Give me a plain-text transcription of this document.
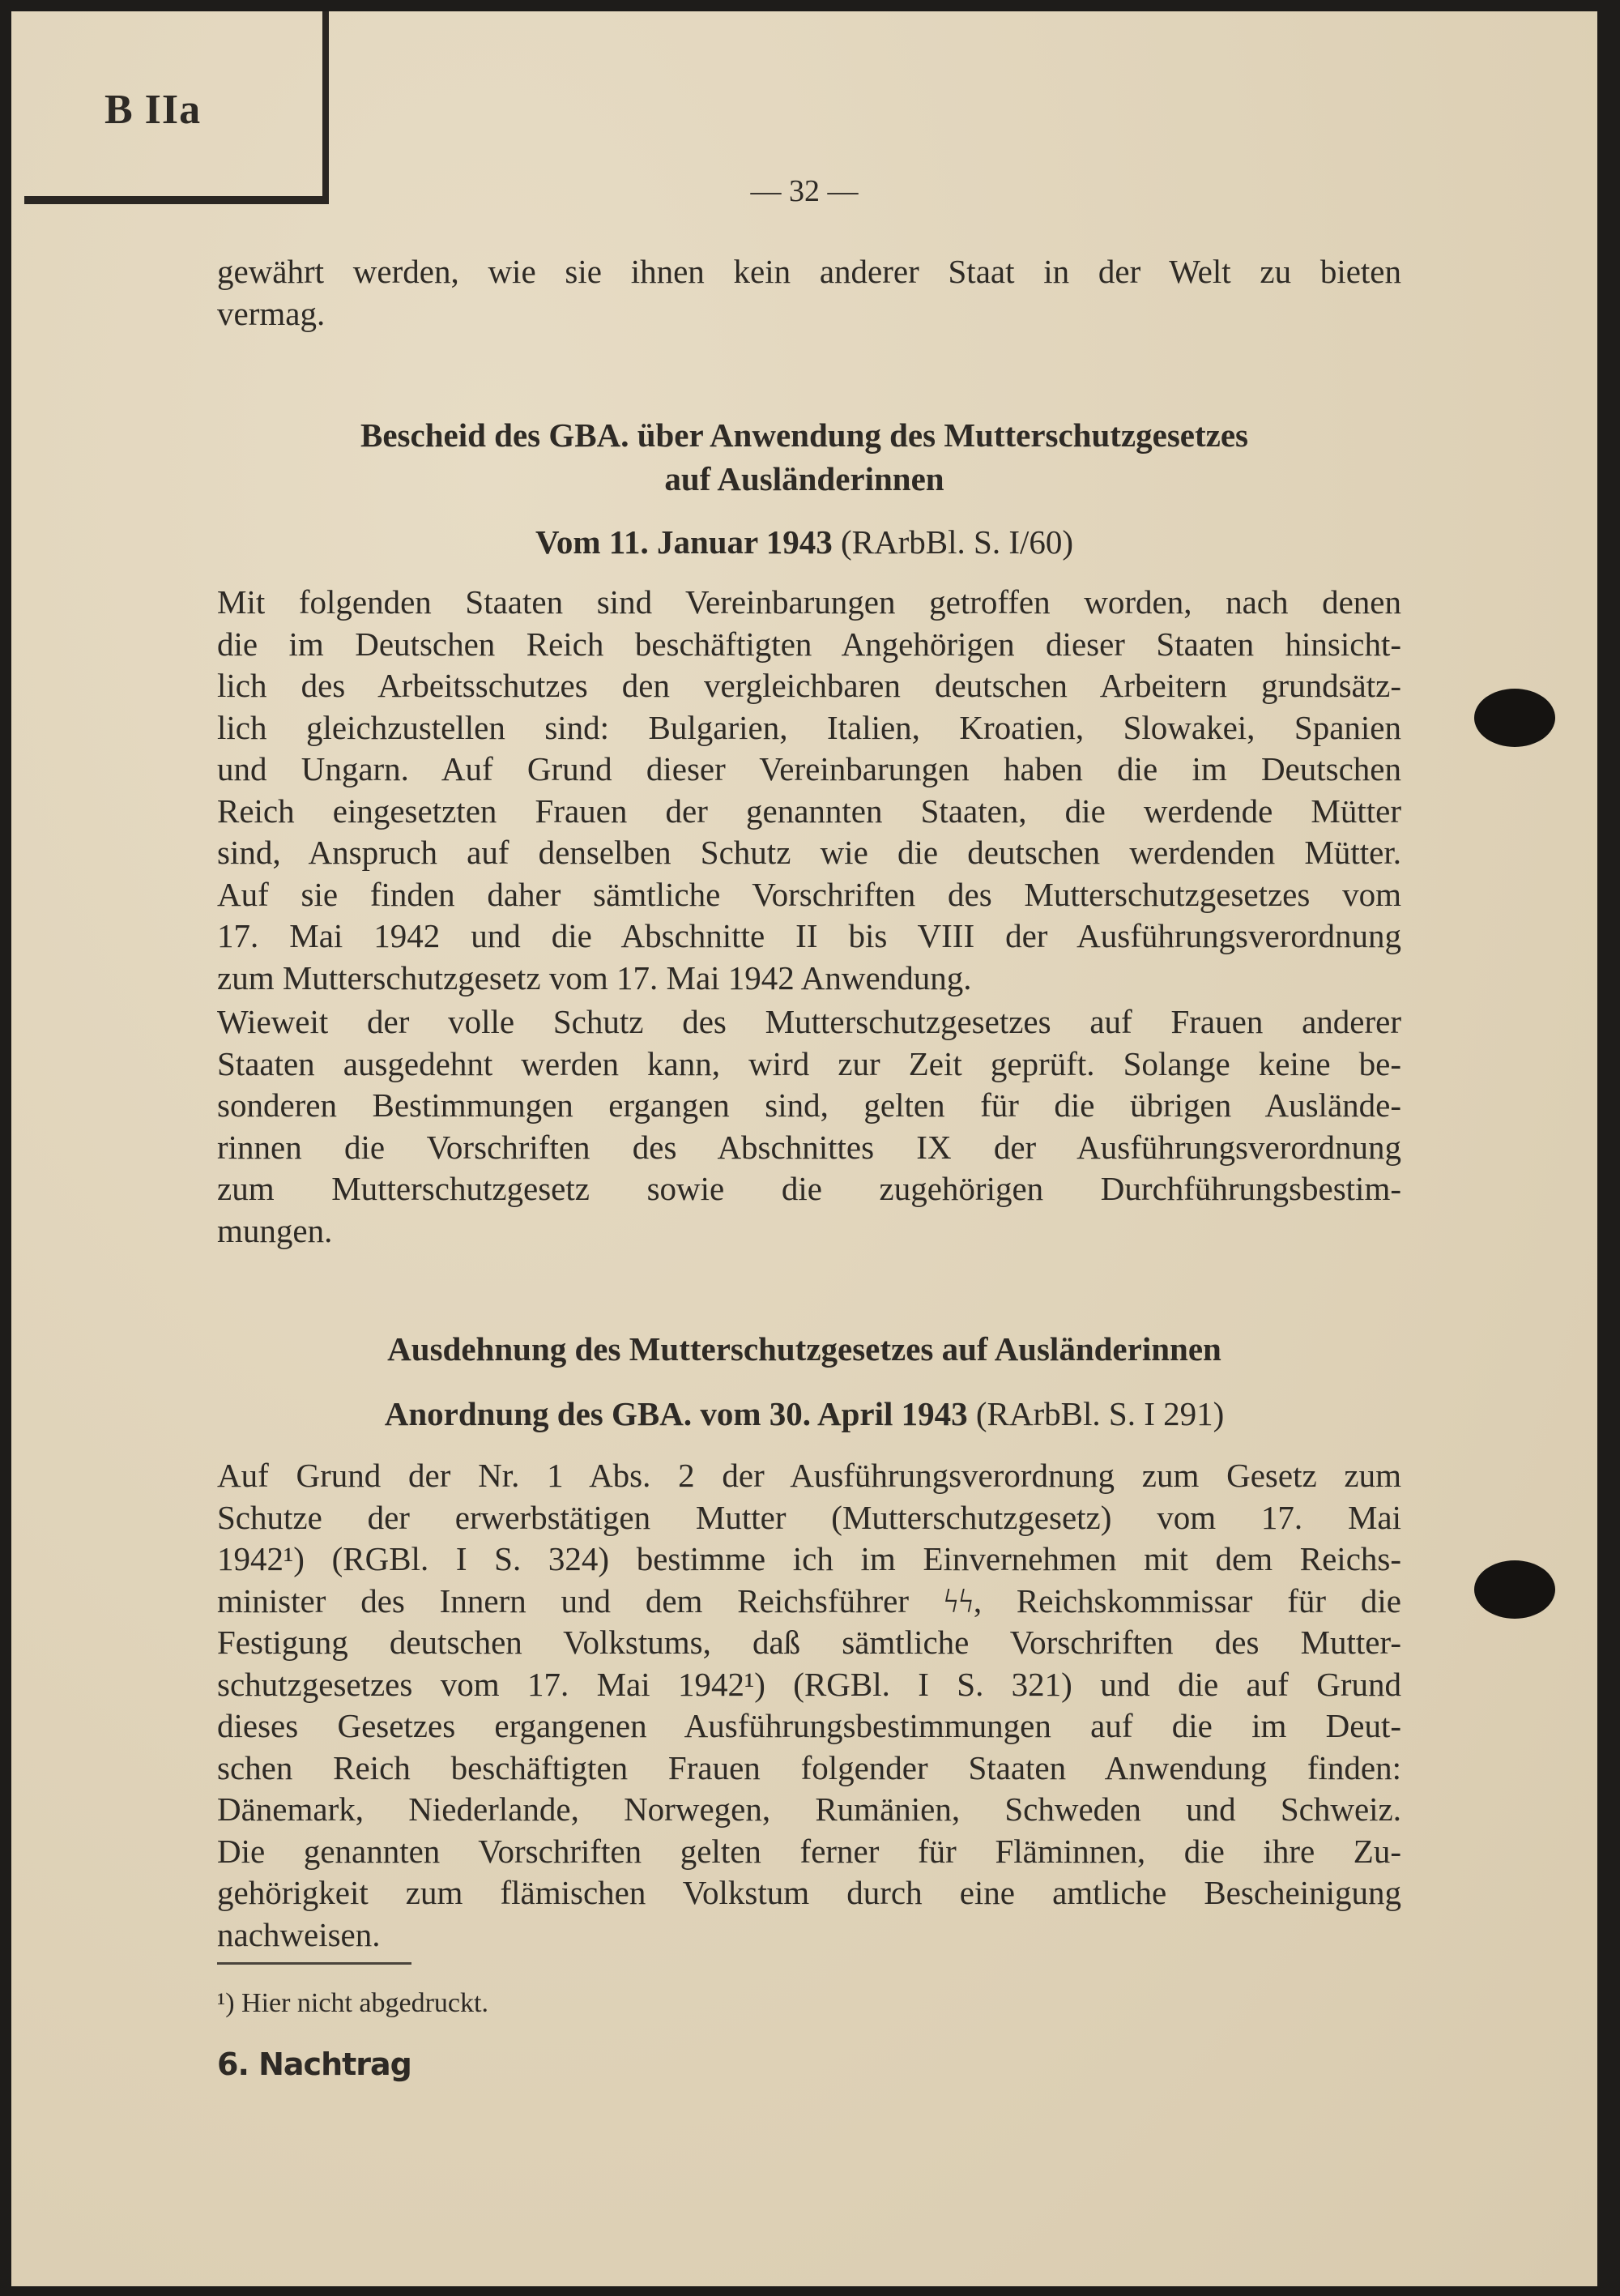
B IIa
— 32 —
gewährt werden, wie sie ihnen kein anderer Staat in der Welt zu bieten
vermag.
Bescheid des GBA. über Anwendung des Mutterschutzgesetzes
auf Ausländerinnen
Vom 11. Januar 1943 (RArbBl. S. I/60)
Mit folgenden Staaten sind Vereinbarungen getroffen worden, nach denen
die im Deutschen Reich beschäftigten Angehörigen dieser Staaten hinsicht-
lich des Arbeitsschutzes den vergleichbaren deutschen Arbeitern grundsätz-
lich gleichzustellen sind: Bulgarien, Italien, Kroatien, Slowakei, Spanien
und Ungarn. Auf Grund dieser Vereinbarungen haben die im Deutschen
Reich eingesetzten Frauen der genannten Staaten, die werdende Mütter
sind, Anspruch auf denselben Schutz wie die deutschen werdenden Mütter.
Auf sie finden daher sämtliche Vorschriften des Mutterschutzgesetzes vom
17. Mai 1942 und die Abschnitte II bis VIII der Ausführungsverordnung
zum Mutterschutzgesetz vom 17. Mai 1942 Anwendung.
Wieweit der volle Schutz des Mutterschutzgesetzes auf Frauen anderer
Staaten ausgedehnt werden kann, wird zur Zeit geprüft. Solange keine be-
sonderen Bestimmungen ergangen sind, gelten für die übrigen Auslände-
rinnen die Vorschriften des Abschnittes IX der Ausführungsverordnung
zum Mutterschutzgesetz sowie die zugehörigen Durchführungsbestim-
mungen.
Ausdehnung des Mutterschutzgesetzes auf Ausländerinnen
Anordnung des GBA. vom 30. April 1943 (RArbBl. S. I 291)
Auf Grund der Nr. 1 Abs. 2 der Ausführungsverordnung zum Gesetz zum
Schutze der erwerbstätigen Mutter (Mutterschutzgesetz) vom 17. Mai
1942¹) (RGBl. I S. 324) bestimme ich im Einvernehmen mit dem Reichs-
minister des Innern und dem Reichsführer ϟϟ, Reichskommissar für die
Festigung deutschen Volkstums, daß sämtliche Vorschriften des Mutter-
schutzgesetzes vom 17. Mai 1942¹) (RGBl. I S. 321) und die auf Grund
dieses Gesetzes ergangenen Ausführungsbestimmungen auf die im Deut-
schen Reich beschäftigten Frauen folgender Staaten Anwendung finden:
Dänemark, Niederlande, Norwegen, Rumänien, Schweden und Schweiz.
Die genannten Vorschriften gelten ferner für Fläminnen, die ihre Zu-
gehörigkeit zum flämischen Volkstum durch eine amtliche Bescheinigung
nachweisen.
¹) Hier nicht abgedruckt.
6. Nachtrag
